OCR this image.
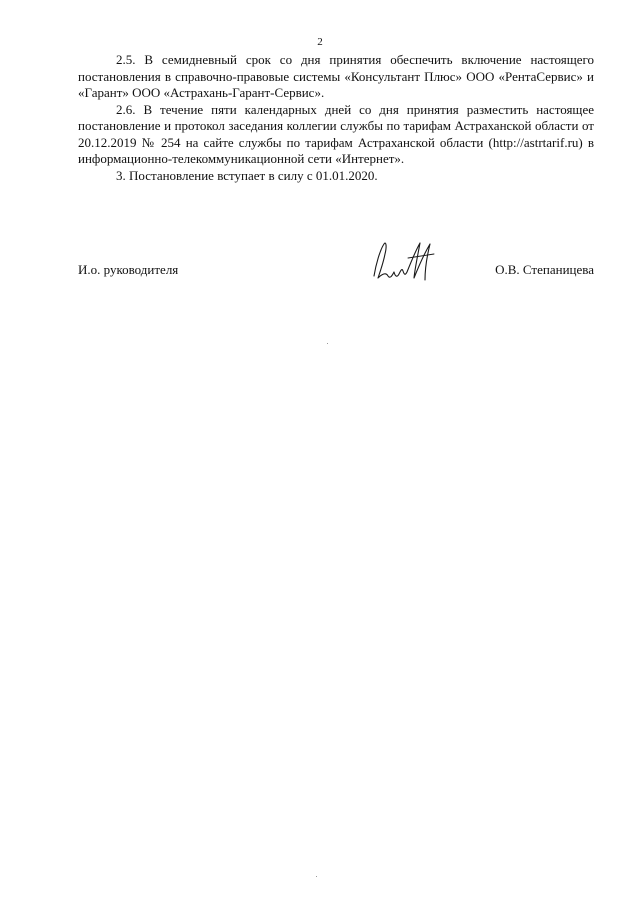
2

2.5. В семидневный срок со дня принятия обеспечить включение настоящего постановления в справочно-правовые системы «Консультант Плюс» ООО «РентаСервис» и «Гарант» ООО «Астрахань-Гарант-Сервис».

2.6. В течение пяти календарных дней со дня принятия разместить настоящее постановление и протокол заседания коллегии службы по тарифам Астраханской области от 20.12.2019 № 254 на сайте службы по тарифам Астраханской области (http://astrtarif.ru) в информационно-телекоммуникационной сети «Интернет».

3. Постановление вступает в силу с 01.01.2020.

И.о. руководителя	О.В. Степаницева
